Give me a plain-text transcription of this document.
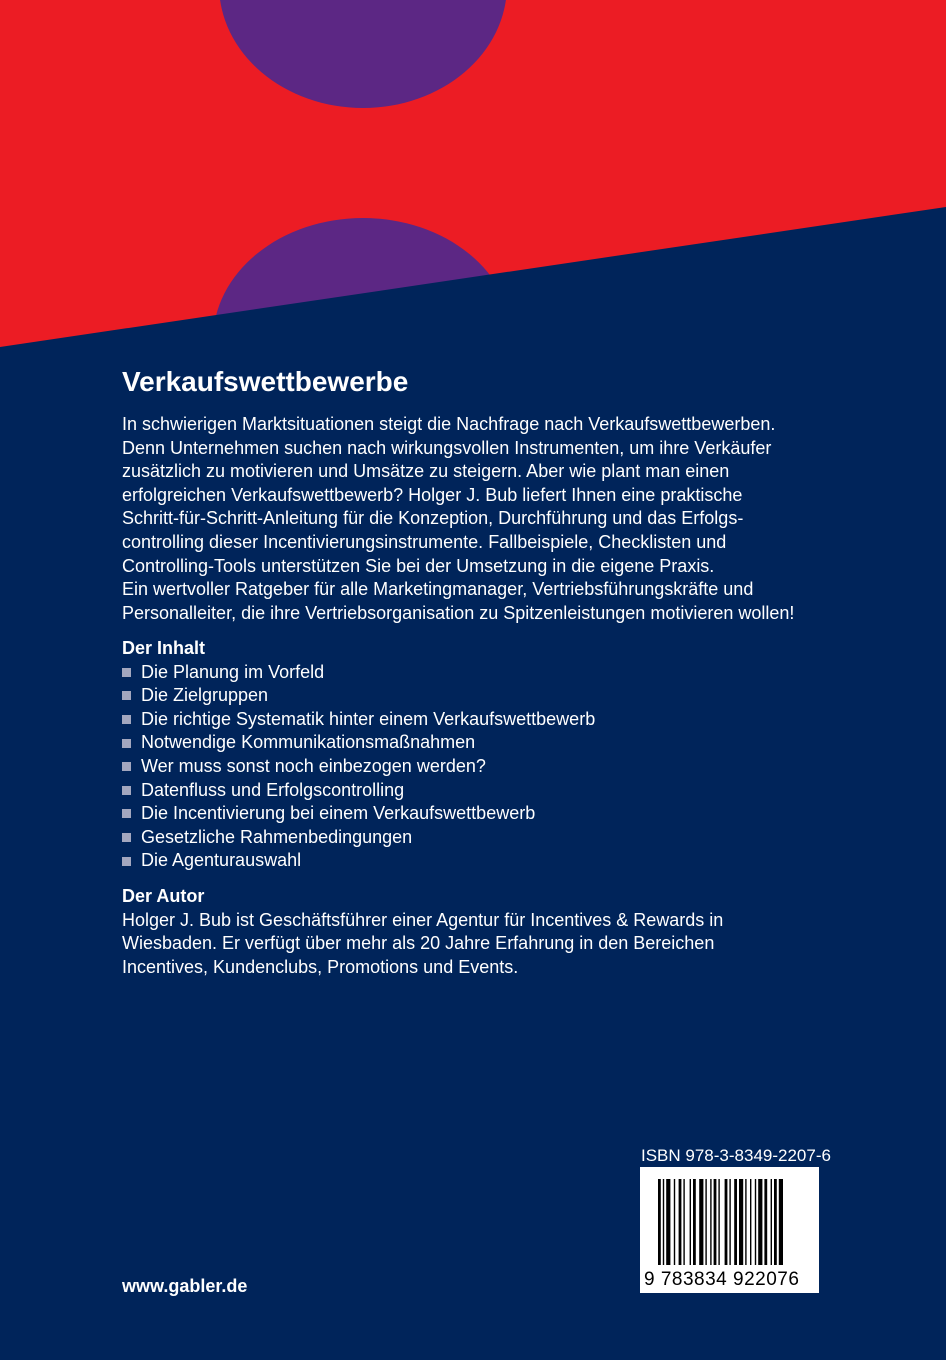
Verkaufswettbewerbe
In schwierigen Marktsituationen steigt die Nachfrage nach Verkaufswettbewerben.
Denn Unternehmen suchen nach wirkungsvollen Instrumenten, um ihre Verkäufer
zusätzlich zu motivieren und Umsätze zu steigern. Aber wie plant man einen
erfolgreichen Verkaufswettbewerb? Holger J. Bub liefert Ihnen eine praktische
Schritt-für-Schritt-Anleitung für die Konzeption, Durchführung und das Erfolgs-
controlling dieser Incentivierungsinstrumente. Fallbeispiele, Checklisten und
Controlling-Tools unterstützen Sie bei der Umsetzung in die eigene Praxis.
Ein wertvoller Ratgeber für alle Marketingmanager, Vertriebsführungskräfte und
Personalleiter, die ihre Vertriebsorganisation zu Spitzenleistungen motivieren wollen!
Der Inhalt
Die Planung im Vorfeld
Die Zielgruppen
Die richtige Systematik hinter einem Verkaufswettbewerb
Notwendige Kommunikationsmaßnahmen
Wer muss sonst noch einbezogen werden?
Datenfluss und Erfolgscontrolling
Die Incentivierung bei einem Verkaufswettbewerb
Gesetzliche Rahmenbedingungen
Die Agenturauswahl
Der Autor
Holger J. Bub ist Geschäftsführer einer Agentur für Incentives & Rewards in
Wiesbaden. Er verfügt über mehr als 20 Jahre Erfahrung in den Bereichen
Incentives, Kundenclubs, Promotions und Events.
ISBN 978-3-8349-2207-6
9 783834 922076
www.gabler.de
